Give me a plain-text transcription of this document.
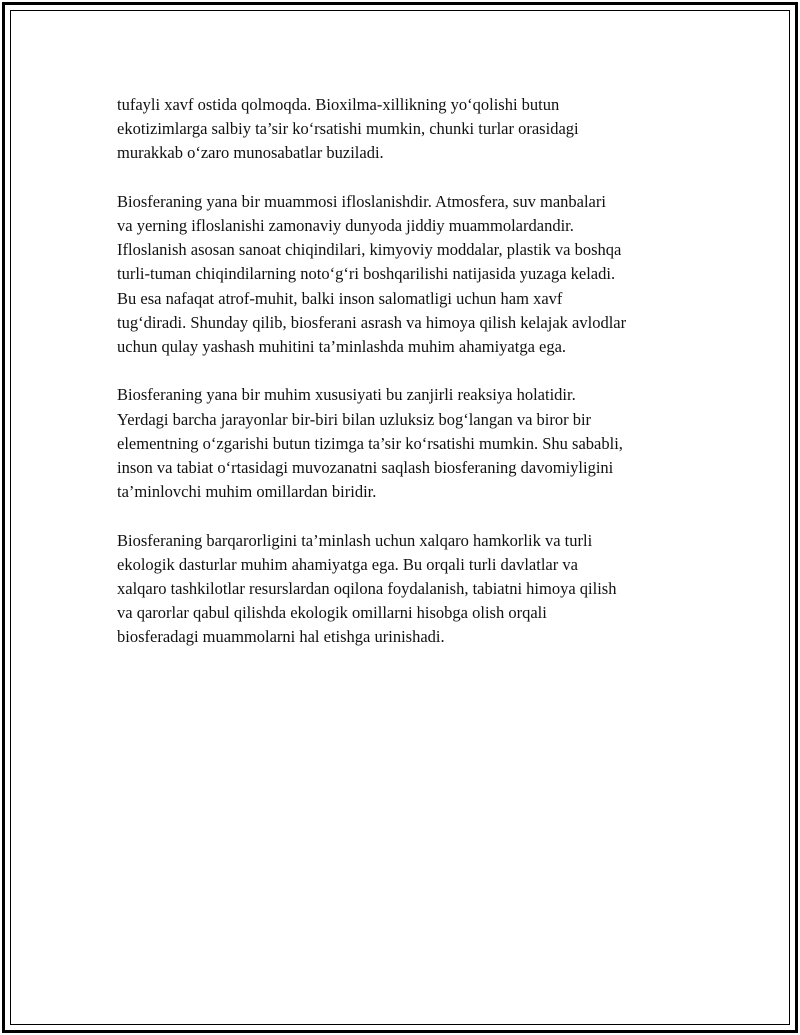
tufayli xavf ostida qolmoqda. Bioxilma-xillikning yo‘qolishi butun
ekotizimlarga salbiy ta’sir ko‘rsatishi mumkin, chunki turlar orasidagi
murakkab o‘zaro munosabatlar buziladi.

Biosferaning yana bir muammosi ifloslanishdir. Atmosfera, suv manbalari
va yerning ifloslanishi zamonaviy dunyoda jiddiy muammolardandir.
Ifloslanish asosan sanoat chiqindilari, kimyoviy moddalar, plastik va boshqa
turli-tuman chiqindilarning noto‘g‘ri boshqarilishi natijasida yuzaga keladi.
Bu esa nafaqat atrof-muhit, balki inson salomatligi uchun ham xavf
tug‘diradi. Shunday qilib, biosferani asrash va himoya qilish kelajak avlodlar
uchun qulay yashash muhitini ta’minlashda muhim ahamiyatga ega.

Biosferaning yana bir muhim xususiyati bu zanjirli reaksiya holatidir.
Yerdagi barcha jarayonlar bir-biri bilan uzluksiz bog‘langan va biror bir
elementning o‘zgarishi butun tizimga ta’sir ko‘rsatishi mumkin. Shu sababli,
inson va tabiat o‘rtasidagi muvozanatni saqlash biosferaning davomiyligini
ta’minlovchi muhim omillardan biridir.

Biosferaning barqarorligini ta’minlash uchun xalqaro hamkorlik va turli
ekologik dasturlar muhim ahamiyatga ega. Bu orqali turli davlatlar va
xalqaro tashkilotlar resurslardan oqilona foydalanish, tabiatni himoya qilish
va qarorlar qabul qilishda ekologik omillarni hisobga olish orqali
biosferadagi muammolarni hal etishga urinishadi.
